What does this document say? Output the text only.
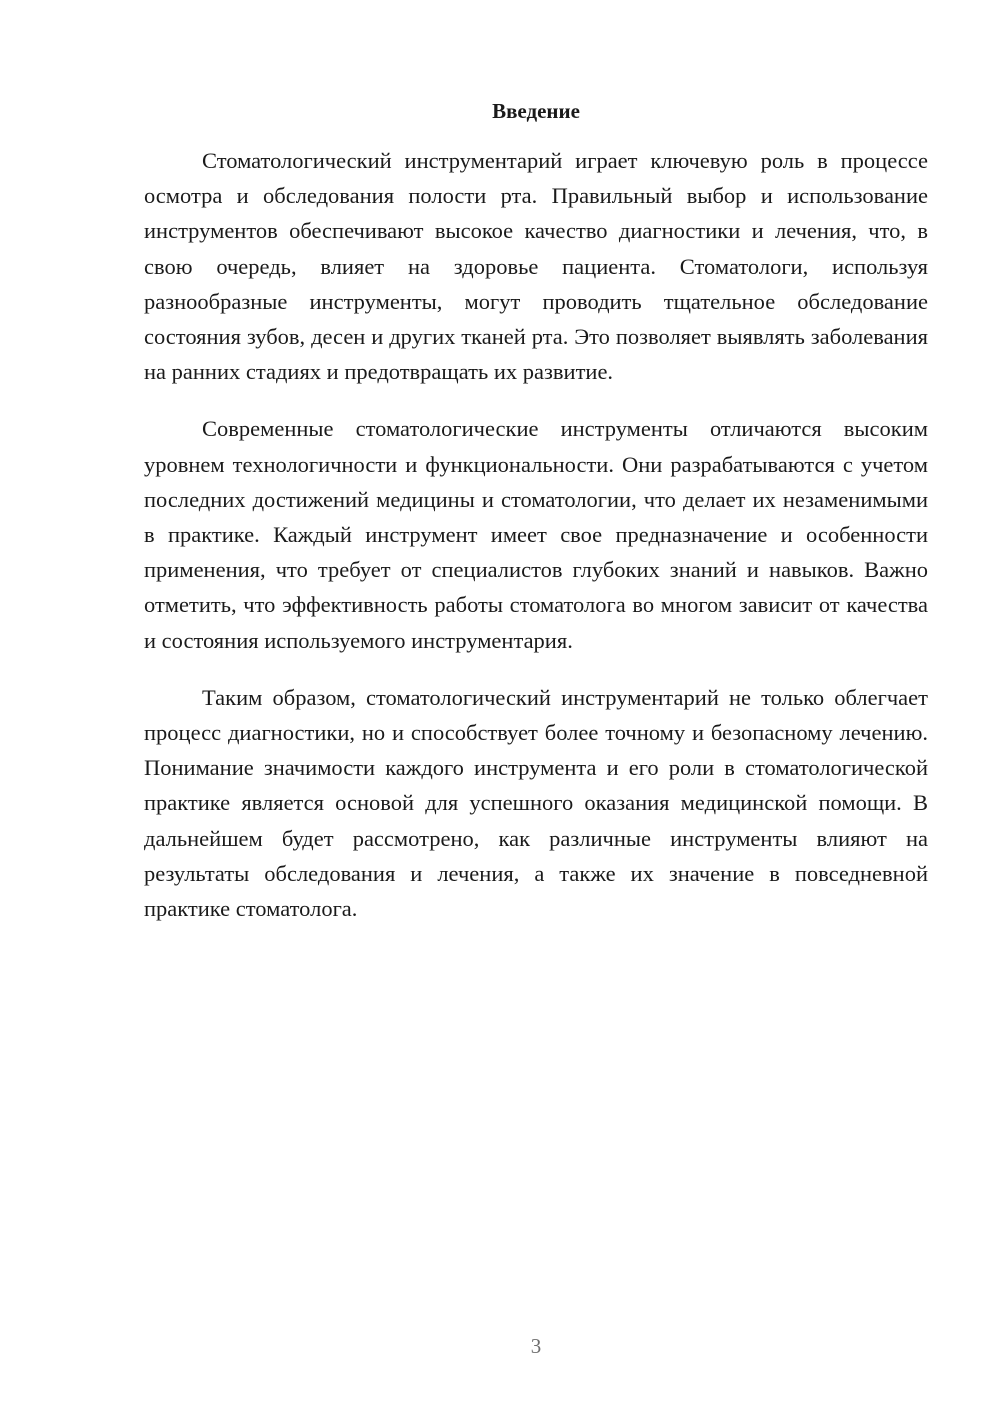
Введение

Стоматологический инструментарий играет ключевую роль в процессе осмотра и обследования полости рта. Правильный выбор и использование инструментов обеспечивают высокое качество диагностики и лечения, что, в свою очередь, влияет на здоровье пациента. Стоматологи, используя разнообразные инструменты, могут проводить тщательное обследование состояния зубов, десен и других тканей рта. Это позволяет выявлять заболевания на ранних стадиях и предотвращать их развитие.

Современные стоматологические инструменты отличаются высоким уровнем технологичности и функциональности. Они разрабатываются с учетом последних достижений медицины и стоматологии, что делает их незаменимыми в практике. Каждый инструмент имеет свое предназначение и особенности применения, что требует от специалистов глубоких знаний и навыков. Важно отметить, что эффективность работы стоматолога во многом зависит от качества и состояния используемого инструментария.

Таким образом, стоматологический инструментарий не только облегчает процесс диагностики, но и способствует более точному и безопасному лечению. Понимание значимости каждого инструмента и его роли в стоматологической практике является основой для успешного оказания медицинской помощи. В дальнейшем будет рассмотрено, как различные инструменты влияют на результаты обследования и лечения, а также их значение в повседневной практике стоматолога.

3
